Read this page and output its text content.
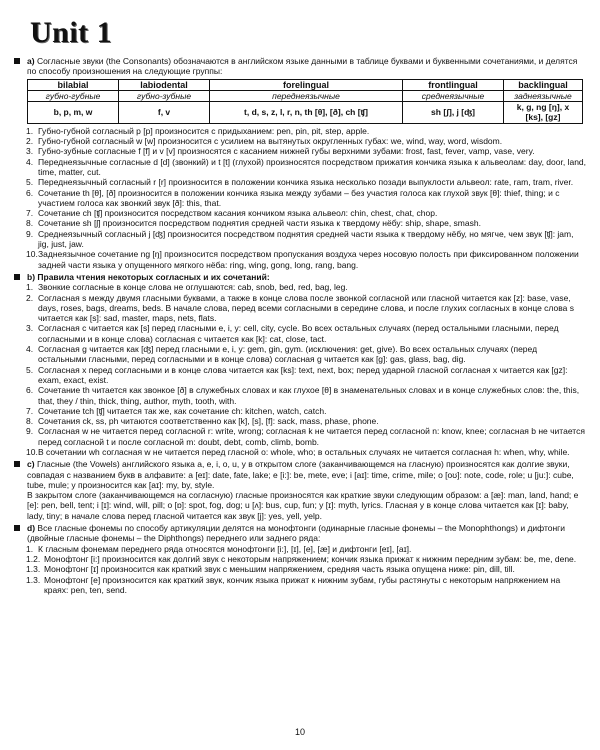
Unit 1
a) Согласные звуки (the Consonants) обозначаются в английском языке данными в таблице буквами и буквенными сочетаниями, и делятся по способу произношения на следующие группы:
bilabial	labiodental	forelingual	frontlingual	backlingual
губно-губные	губно-зубные	переднеязычные	среднеязычные	заднеязычные
b, p, m, w	f, v	t, d, s, z, l, r, n, th [θ], [ð], ch [ʧ]	sh [ʃ], j [ʤ]	k, g, ng [ŋ], x [ks], [gz]
1. Губно-губной согласный p [p] произносится с придыханием: pen, pin, pit, step, apple.
2. Губно-губной согласный w [w] произносится с усилием на вытянутых округленных губах: we, wind, way, word, wisdom.
3. Губно-зубные согласные f [f] и v [v] произносятся с касанием нижней губы верхними зубами: frost, fast, fever, vamp, vase, very.
4. Переднеязычные согласные d [d] (звонкий) и t [t] (глухой) произносятся посредством прижатия кончика языка к альвеолам: day, door, land, time, matter, cut.
5. Переднеязычный согласный r [r] произносится в положении кончика языка несколько позади выпуклости альвеол: rate, ram, tram, river.
6. Сочетание th [θ], [ð] произносится в положении кончика языка между зубами – без участия голоса как глухой звук [θ]: thief, thing; и с участием голоса как звонкий звук [ð]: this, that.
7. Сочетание ch [ʧ] произносится посредством касания кончиком языка альвеол: chin, chest, chat, chop.
8. Сочетание sh [ʃ] произносится посредством поднятия средней части языка к твердому нёбу: ship, shape, smash.
9. Среднеязычный согласный j [ʤ] произносится посредством поднятия средней части языка к твердому нёбу, но мягче, чем звук [ʧ]: jam, jig, just, jaw.
10. Заднеязычное сочетание ng [ŋ] произносится посредством пропускания воздуха через носовую полость при фиксированном положении задней части языка у опущенного мягкого нёба: ring, wing, gong, long, rang, bang.
b) Правила чтения некоторых согласных и их сочетаний:
1. Звонкие согласные в конце слова не оглушаются: cab, snob, bed, red, bag, leg.
2. Согласная s между двумя гласными буквами, а также в конце слова после звонкой согласной или гласной читается как [z]: base, vase, days, roses, bags, dreams, beds. В начале слова, перед всеми согласными в середине слова, и после глухих согласных в конце слова s читается как [s]: sad, master, maps, nets, flats.
3. Согласная c читается как [s] перед гласными e, i, y: cell, city, cycle. Во всех остальных случаях (перед остальными гласными, перед согласными и в конце слова) согласная c читается как [k]: cat, close, tact.
4. Согласная g читается как [ʤ] перед гласными e, i, y: gem, gin, gym. (исключения: get, give). Во всех остальных случаях (перед остальными гласными, перед согласными и в конце слова) согласная g читается как [g]: gas, glass, bag, dig.
5. Согласная x перед согласными и в конце слова читается как [ks]: text, next, box; перед ударной гласной согласная x читается как [gz]: exam, exact, exist.
6. Сочетание th читается как звонкое [ð] в служебных словах и как глухое [θ] в знаменательных словах и в конце служебных слов: the, this, that, they / thin, thick, thing, author, myth, tooth, with.
7. Сочетание tch [ʧ] читается так же, как сочетание ch: kitchen, watch, catch.
8. Сочетания ck, ss, ph читаются соответственно как [k], [s], [f]: sack, mass, phase, phone.
9. Согласная w не читается перед согласной r: write, wrong; согласная k не читается перед согласной n: know, knee; согласная b не читается перед согласной t и после согласной m: doubt, debt, comb, climb, bomb.
10. В сочетании wh согласная w не читается перед гласной o: whole, who; в остальных случаях не читается согласная h: when, why, while.
c) Гласные (the Vowels) английского языка a, e, i, o, u, y в открытом слоге (заканчивающемся на гласную) произносятся как долгие звуки, совпадая с названием букв в алфавите: a [eɪ]: date, fate, lake; e [i:]: be, mete, eve; i [aɪ]: time, crime, mile; o [oʊ]: note, code, role; u [ju:]: cube, tube, mule; y произносится как [aɪ]: my, by, style.
В закрытом слоге (заканчивающемся на согласную) гласные произносятся как краткие звуки следующим образом: a [æ]: man, land, hand; e [e]: pen, bell, tent; i [ɪ]: wind, will, pill; o [ɒ]: spot, fog, dog; u [ʌ]: bus, cup, fun; y [ɪ]: myth, lyrics. Гласная y в конце слова читается как [ɪ]: baby, lady, tiny; в начале слова перед гласной читается как звук [j]: yes, yell, yelp.
d) Все гласные фонемы по способу артикуляции делятся на монофтонги (одинарные гласные фонемы – the Monophthongs) и дифтонги (двойные гласные фонемы – the Diphthongs) переднего или заднего ряда:
1. К гласным фонемам переднего ряда относятся монофтонги [i:], [ɪ], [e], [æ] и дифтонги [eɪ], [aɪ].
1.2. Монофтонг [i:] произносится как долгий звук с некоторым напряжением; кончик языка прижат к нижним передним зубам: be, me, dene.
1.3. Монофтонг [ɪ] произносится как краткий звук с меньшим напряжением, средняя часть языка опущена ниже: pin, dill, till.
1.3. Монофтонг [e] произносится как краткий звук, кончик языка прижат к нижним зубам, губы растянуты с некоторым напряжением на краях: pen, ten, send.
10
